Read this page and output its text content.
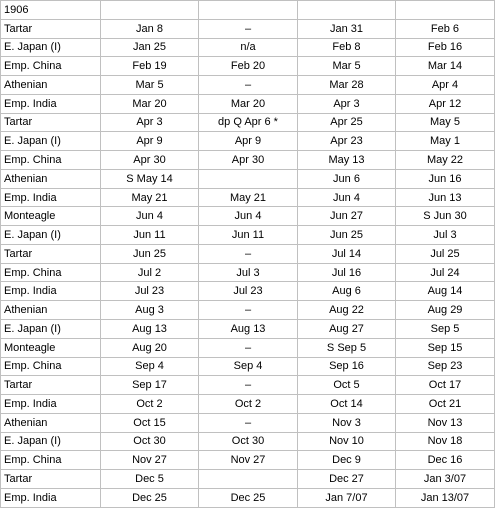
1906				
Tartar	Jan 8	–	Jan 31	Feb 6
E. Japan (I)	Jan 25	n/a	Feb 8	Feb 16
Emp. China	Feb 19	Feb 20	Mar 5	Mar 14
Athenian	Mar 5	–	Mar 28	Apr 4
Emp. India	Mar 20	Mar 20	Apr 3	Apr 12
Tartar	Apr 3	dp Q Apr 6 *	Apr 25	May 5
E. Japan (I)	Apr 9	Apr 9	Apr 23	May 1
Emp. China	Apr 30	Apr 30	May 13	May 22
Athenian	S May 14		Jun 6	Jun 16
Emp. India	May 21	May 21	Jun 4	Jun 13
Monteagle	Jun 4	Jun 4	Jun 27	S Jun 30
E. Japan (I)	Jun 11	Jun 11	Jun 25	Jul 3
Tartar	Jun 25	–	Jul 14	Jul 25
Emp. China	Jul 2	Jul 3	Jul 16	Jul 24
Emp. India	Jul 23	Jul 23	Aug 6	Aug 14
Athenian	Aug 3	–	Aug 22	Aug 29
E. Japan (I)	Aug 13	Aug 13	Aug 27	Sep 5
Monteagle	Aug 20	–	S Sep 5	Sep 15
Emp. China	Sep 4	Sep 4	Sep 16	Sep 23
Tartar	Sep 17	–	Oct 5	Oct 17
Emp. India	Oct 2	Oct 2	Oct 14	Oct 21
Athenian	Oct 15	–	Nov 3	Nov 13
E. Japan (I)	Oct 30	Oct 30	Nov 10	Nov 18
Emp. China	Nov 27	Nov 27	Dec 9	Dec 16
Tartar	Dec 5		Dec 27	Jan 3/07
Emp. India	Dec 25	Dec 25	Jan 7/07	Jan 13/07
